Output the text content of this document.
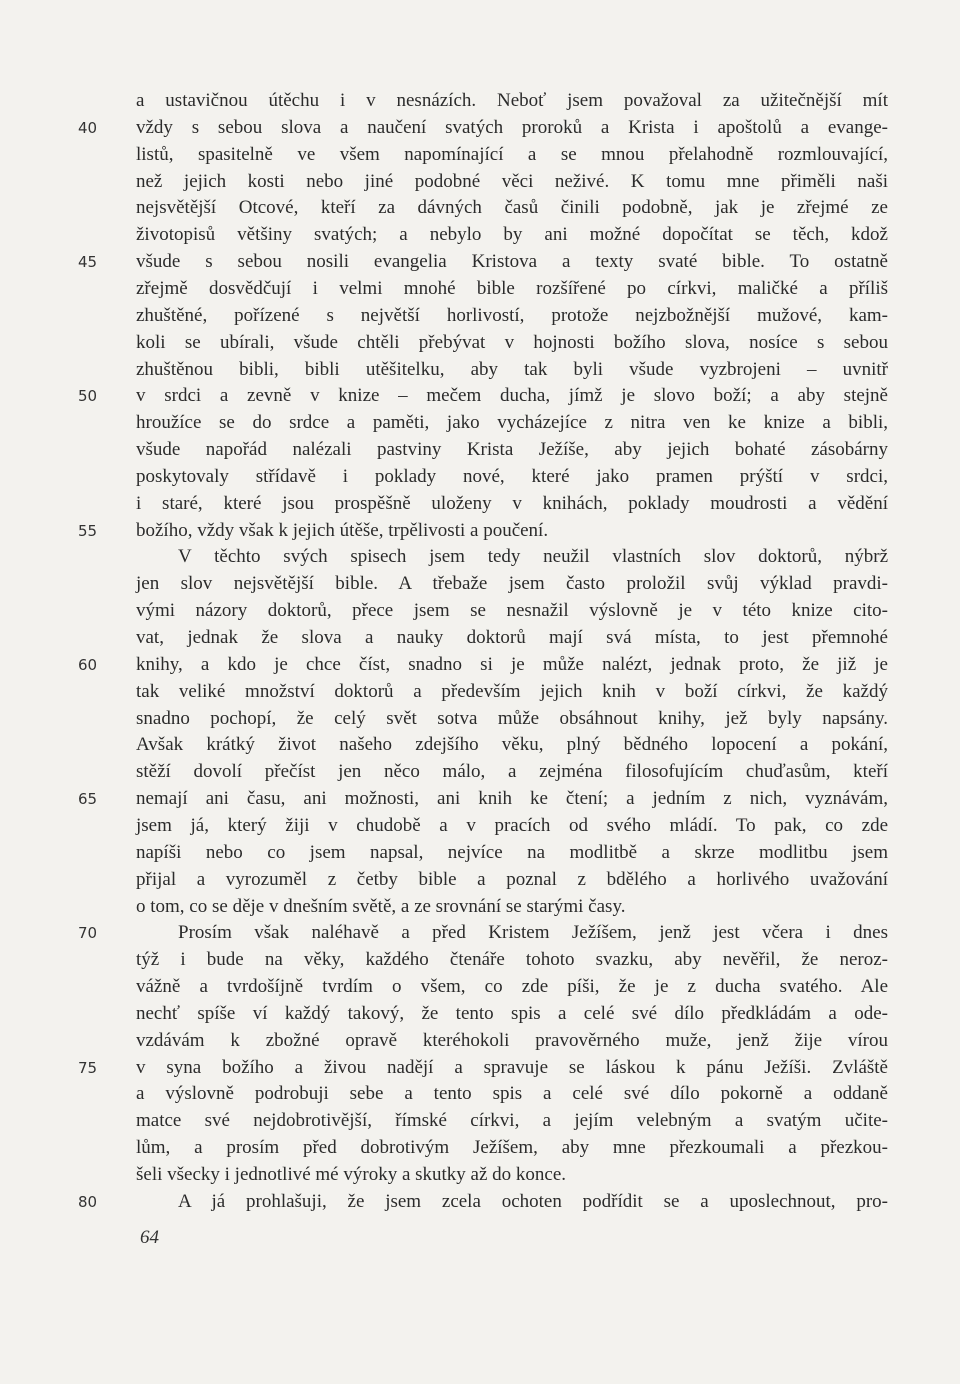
a ustavičnou útěchu i v nesnázích. Neboť jsem považoval za užitečnější mít
vždy s sebou slova a naučení svatých proroků a Krista i apoštolů a evange-
listů, spasitelně ve všem napomínající a se mnou přelahodně rozmlouvající,
než jejich kosti nebo jiné podobné věci neživé. K tomu mne přiměli naši
nejsvětější Otcové, kteří za dávných časů činili podobně, jak je zřejmé ze
životopisů většiny svatých; a nebylo by ani možné dopočítat se těch, kdož
všude s sebou nosili evangelia Kristova a texty svaté bible. To ostatně
zřejmě dosvědčují i velmi mnohé bible rozšířené po církvi, maličké a příliš
zhuštěné, pořízené s největší horlivostí, protože nejzbožnější mužové, kam-
koli se ubírali, všude chtěli přebývat v hojnosti božího slova, nosíce s sebou
zhuštěnou bibli, bibli utěšitelku, aby tak byli všude vyzbrojeni – uvnitř
v srdci a zevně v knize – mečem ducha, jímž je slovo boží; a aby stejně
hroužíce se do srdce a paměti, jako vycházejíce z nitra ven ke knize a bibli,
všude napořád nalézali pastviny Krista Ježíše, aby jejich bohaté zásobárny
poskytovaly střídavě i poklady nové, které jako pramen prýští v srdci,
i staré, které jsou prospěšně uloženy v knihách, poklady moudrosti a vědění
božího, vždy však k jejich útěše, trpělivosti a poučení.
V těchto svých spisech jsem tedy neužil vlastních slov doktorů, nýbrž
jen slov nejsvětější bible. A třebaže jsem často proložil svůj výklad pravdi-
vými názory doktorů, přece jsem se nesnažil výslovně je v této knize cito-
vat, jednak že slova a nauky doktorů mají svá místa, to jest přemnohé
knihy, a kdo je chce číst, snadno si je může nalézt, jednak proto, že již je
tak veliké množství doktorů a především jejich knih v boží církvi, že každý
snadno pochopí, že celý svět sotva může obsáhnout knihy, jež byly napsány.
Avšak krátký život našeho zdejšího věku, plný bědného lopocení a pokání,
stěží dovolí přečíst jen něco málo, a zejména filosofujícím chuďasům, kteří
nemají ani času, ani možnosti, ani knih ke čtení; a jedním z nich, vyznávám,
jsem já, který žiji v chudobě a v pracích od svého mládí. To pak, co zde
napíši nebo co jsem napsal, nejvíce na modlitbě a skrze modlitbu jsem
přijal a vyrozuměl z četby bible a poznal z bdělého a horlivého uvažování
o tom, co se děje v dnešním světě, a ze srovnání se starými časy.
Prosím však naléhavě a před Kristem Ježíšem, jenž jest včera i dnes
týž i bude na věky, každého čtenáře tohoto svazku, aby nevěřil, že neroz-
vážně a tvrdošíjně tvrdím o všem, co zde píši, že je z ducha svatého. Ale
nechť spíše ví každý takový, že tento spis a celé své dílo předkládám a ode-
vzdávám k zbožné opravě kteréhokoli pravověrného muže, jenž žije vírou
v syna božího a živou nadějí a spravuje se láskou k pánu Ježíši. Zvláště
a výslovně podrobuji sebe a tento spis a celé své dílo pokorně a oddaně
matce své nejdobrotivější, římské církvi, a jejím velebným a svatým učite-
lům, a prosím před dobrotivým Ježíšem, aby mne přezkoumali a přezkou-
šeli všecky i jednotlivé mé výroky a skutky až do konce.
A já prohlašuji, že jsem zcela ochoten podřídit se a uposlechnout, pro-
40
45
50
55
60
65
70
75
80
64
